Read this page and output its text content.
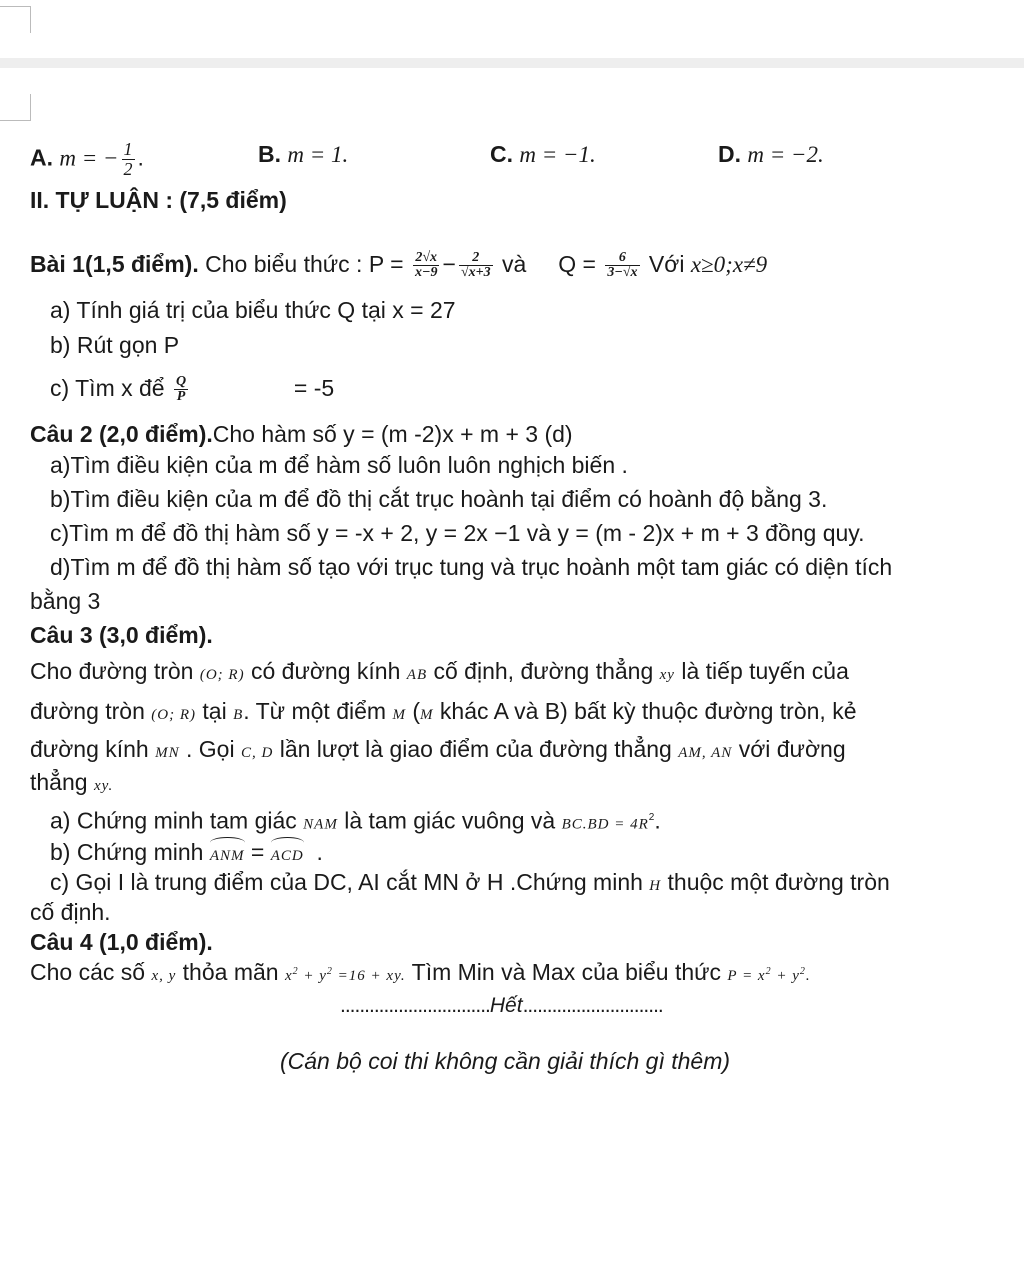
A. m = − $\frac{1}{2}$ .	B. m = 1.	C. m = −1.	D. m = −2.
II. TỰ LUẬN : (7,5 điểm)
Bài 1(1,5 điểm). Cho biểu thức : $P = \frac{2√x}{x-9} - \frac{2}{√x+3}$ và $Q = \frac{6}{3-√x}$ Với x≥0;x≠9
a) Tính giá trị của biểu thức Q tại x = 27
b) Rút gọn P
c) Tìm x để $\frac{Q}{P}$	= -5
Câu 2 (2,0 điểm).Cho hàm số y = (m -2)x + m + 3 (d)
a)Tìm điều kiện của m để hàm số luôn luôn nghịch biến .
b)Tìm điều kiện của m để đồ thị cắt trục hoành tại điểm có hoành độ bằng 3.
c)Tìm m để đồ thị hàm số y = -x + 2, y = 2x −1 và y = (m - 2)x + m + 3 đồng quy.
d)Tìm m để đồ thị hàm số tạo với trục tung và trục hoành một tam giác có diện tích
bằng 3
Câu 3 (3,0 điểm).
Cho đường tròn (O; R) có đường kính AB cố định, đường thẳng xy là tiếp tuyến của
đường tròn (O; R) tại B. Từ một điểm M (M khác A và B) bất kỳ thuộc đường tròn, kẻ
đường kính MN . Gọi C, D lần lượt là giao điểm của đường thẳng AM, AN với đường
thẳng xy.
a) Chứng minh tam giác NAM là tam giác vuông và $BC.BD = 4R^2$.
b) Chứng minh ANM = ACD .
c) Gọi I là trung điểm của DC, AI cắt MN ở H .Chứng minh H thuộc một đường tròn
cố định.
Câu 4 (1,0 điểm).
Cho các số x, y thỏa mãn $x^2 + y^2 =16$ + xy. Tìm Min và Max của biểu thức $P = x^2 + y^2$.
...............................Hết.............................
(Cán bộ coi thi không cần giải thích gì thêm)
